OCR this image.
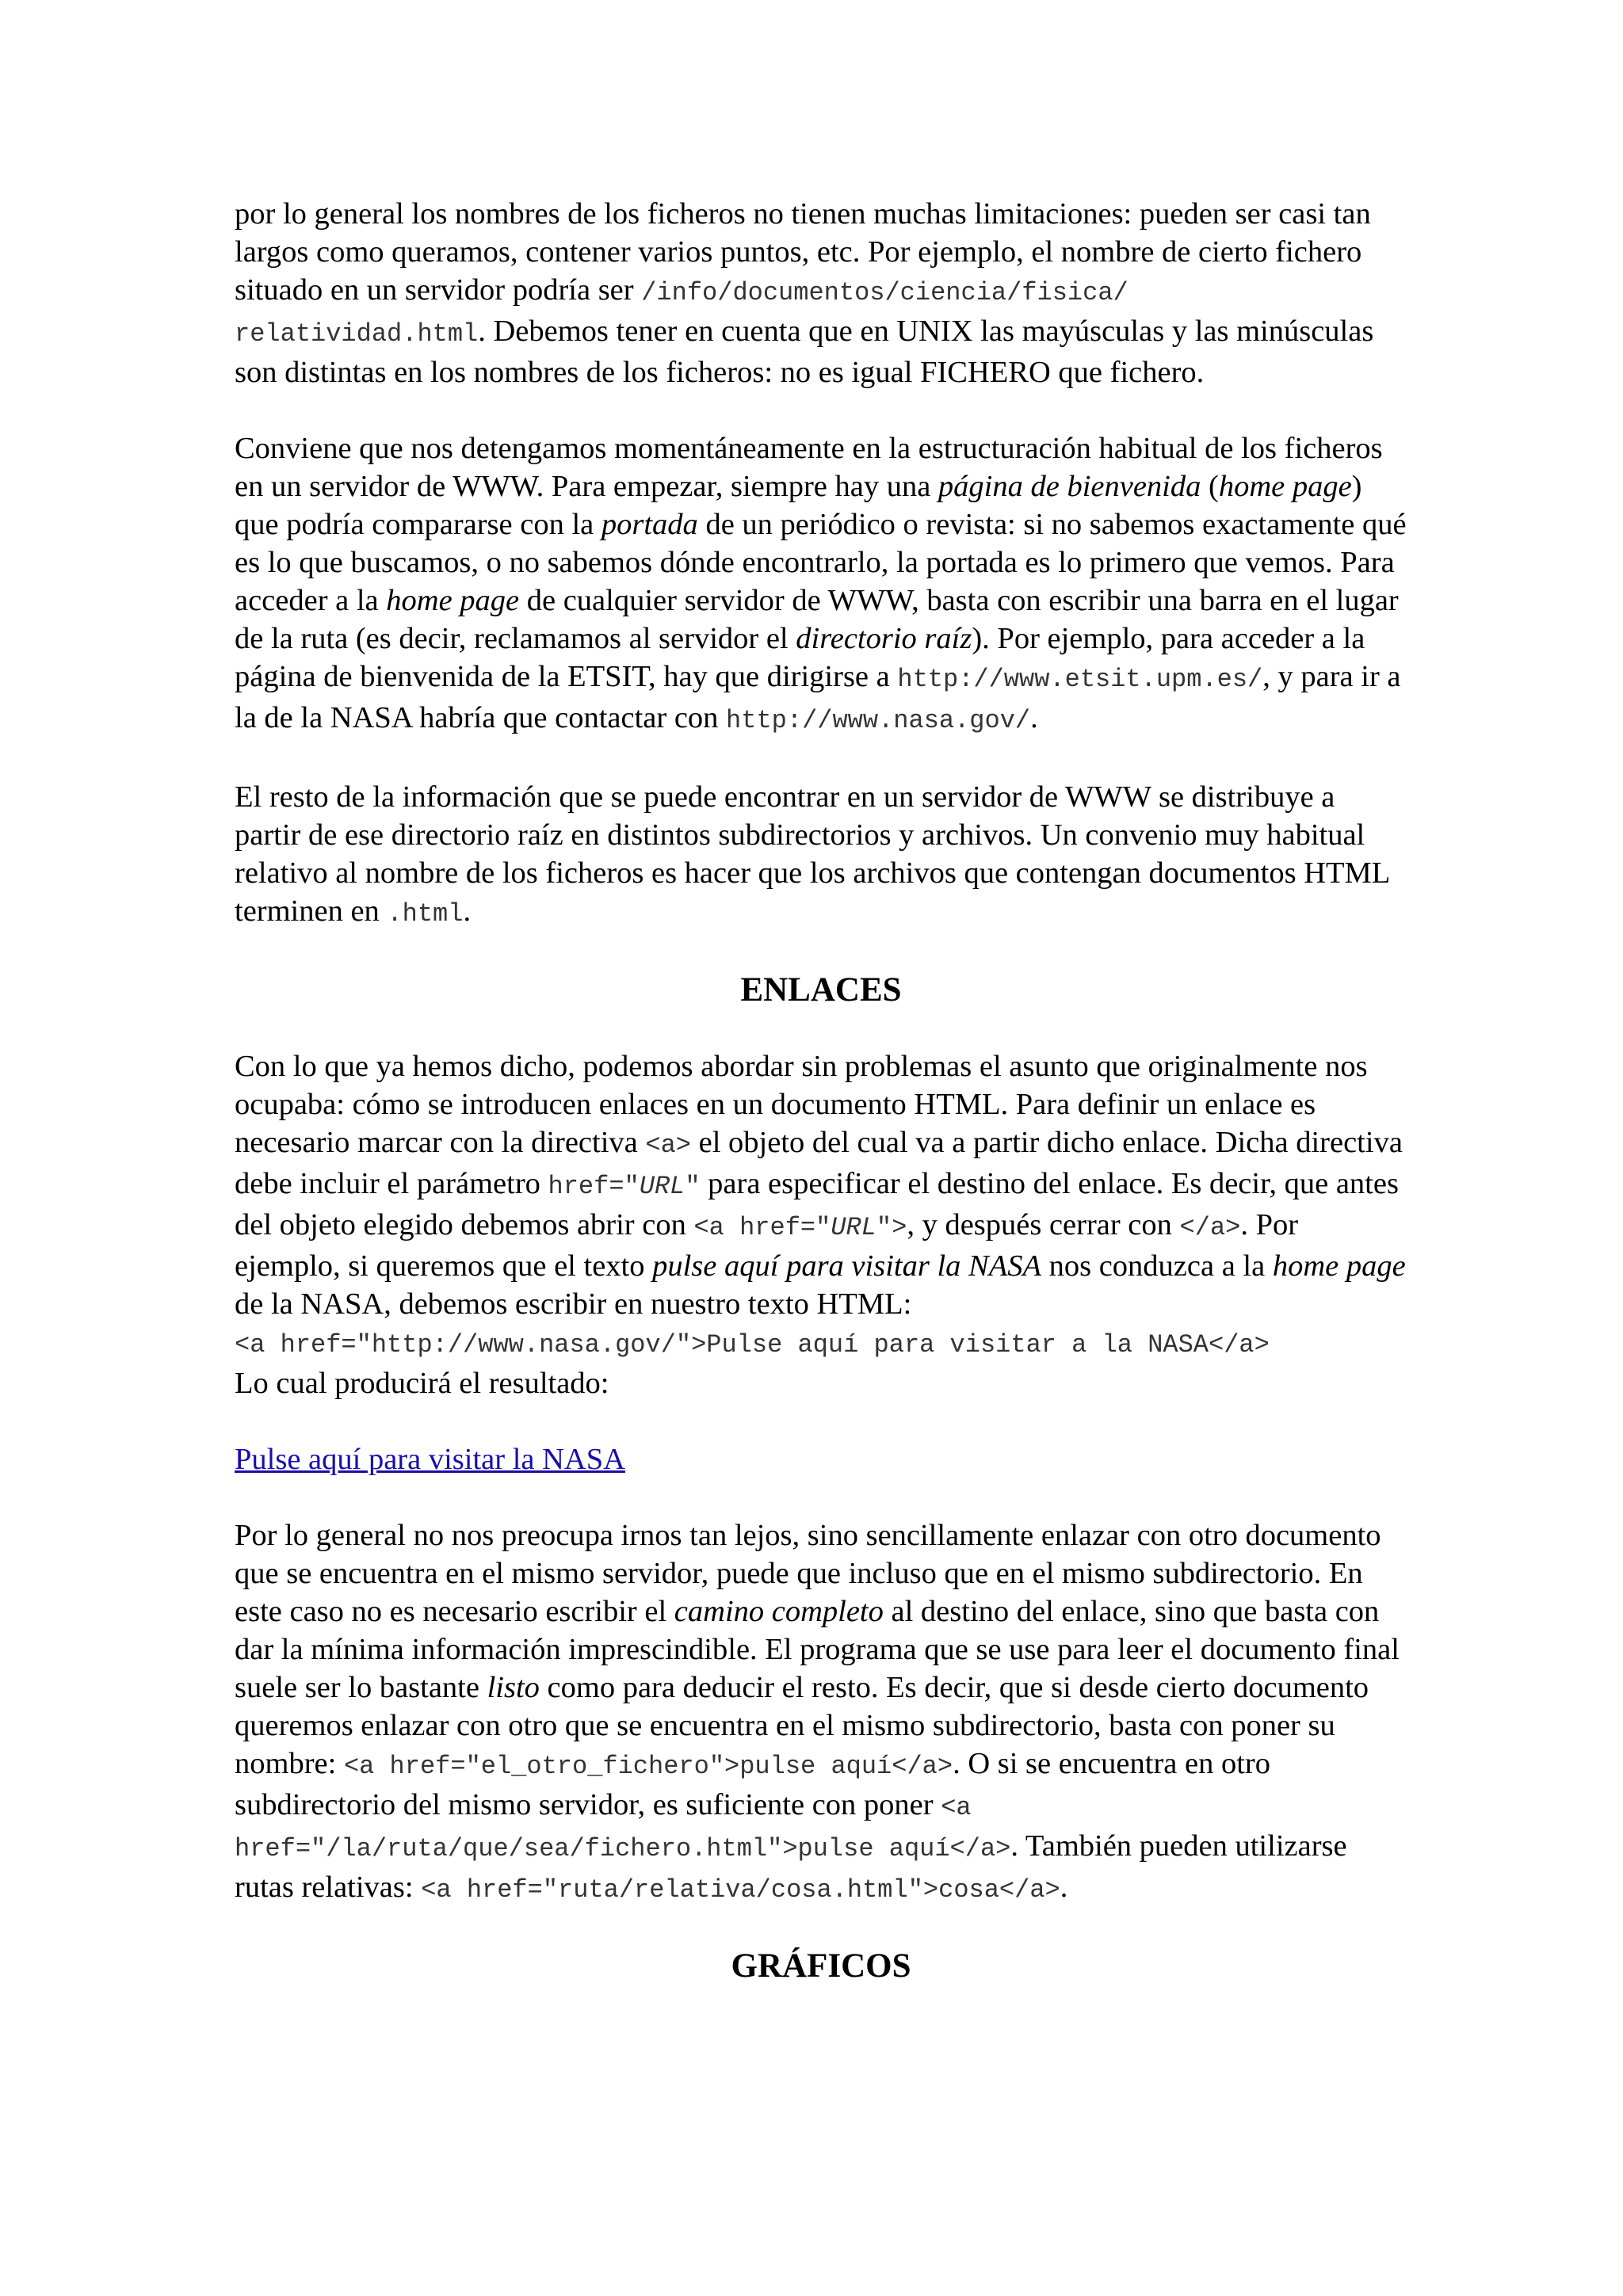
por lo general los nombres de los ficheros no tienen muchas limitaciones: pueden ser casi tan largos como queramos, contener varios puntos, etc. Por ejemplo, el nombre de cierto fichero situado en un servidor podría ser /info/documentos/ciencia/fisica/
relatividad.html. Debemos tener en cuenta que en UNIX las mayúsculas y las minúsculas son distintas en los nombres de los ficheros: no es igual FICHERO que fichero.

Conviene que nos detengamos momentáneamente en la estructuración habitual de los ficheros en un servidor de WWW. Para empezar, siempre hay una página de bienvenida (home page) que podría compararse con la portada de un periódico o revista: si no sabemos exactamente qué es lo que buscamos, o no sabemos dónde encontrarlo, la portada es lo primero que vemos. Para acceder a la home page de cualquier servidor de WWW, basta con escribir una barra en el lugar de la ruta (es decir, reclamamos al servidor el directorio raíz). Por ejemplo, para acceder a la página de bienvenida de la ETSIT, hay que dirigirse a http://www.etsit.upm.es/, y para ir a la de la NASA habría que contactar con http://www.nasa.gov/.

El resto de la información que se puede encontrar en un servidor de WWW se distribuye a partir de ese directorio raíz en distintos subdirectorios y archivos. Un convenio muy habitual relativo al nombre de los ficheros es hacer que los archivos que contengan documentos HTML terminen en .html.

ENLACES

Con lo que ya hemos dicho, podemos abordar sin problemas el asunto que originalmente nos ocupaba: cómo se introducen enlaces en un documento HTML. Para definir un enlace es necesario marcar con la directiva <a> el objeto del cual va a partir dicho enlace. Dicha directiva debe incluir el parámetro href="URL" para especificar el destino del enlace. Es decir, que antes del objeto elegido debemos abrir con <a href="URL">, y después cerrar con </a>. Por ejemplo, si queremos que el texto pulse aquí para visitar la NASA nos conduzca a la home page de la NASA, debemos escribir en nuestro texto HTML:
<a href="http://www.nasa.gov/">Pulse aquí para visitar a la NASA</a>
Lo cual producirá el resultado:

Pulse aquí para visitar la NASA

Por lo general no nos preocupa irnos tan lejos, sino sencillamente enlazar con otro documento que se encuentra en el mismo servidor, puede que incluso que en el mismo subdirectorio. En este caso no es necesario escribir el camino completo al destino del enlace, sino que basta con dar la mínima información imprescindible. El programa que se use para leer el documento final suele ser lo bastante listo como para deducir el resto. Es decir, que si desde cierto documento queremos enlazar con otro que se encuentra en el mismo subdirectorio, basta con poner su nombre: <a href="el_otro_fichero">pulse aquí</a>. O si se encuentra en otro subdirectorio del mismo servidor, es suficiente con poner <a href="/la/ruta/que/sea/fichero.html">pulse aquí</a>. También pueden utilizarse rutas relativas: <a href="ruta/relativa/cosa.html">cosa</a>.

GRÁFICOS
